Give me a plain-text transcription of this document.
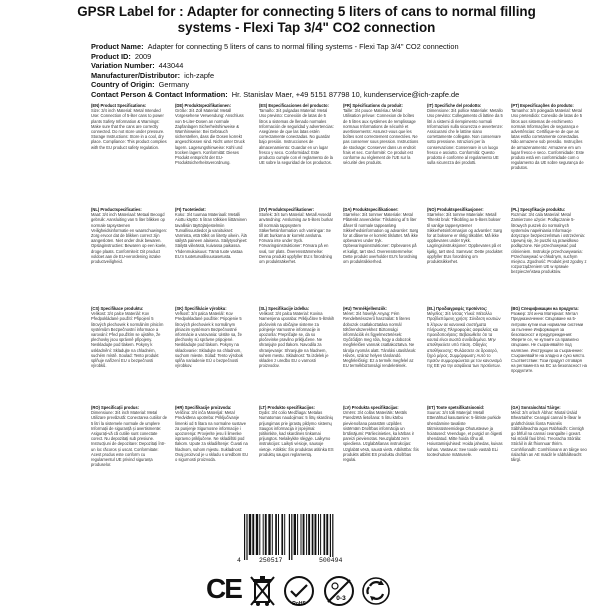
GPSR Label for : Adapter for connecting 5 liters of cans to normal filling systems - Flexi Tap 3/4" CO2 connection
Product Name: Adapter for connecting 5 liters of cans to normal filling systems - Flexi Tap 3/4" CO2 connection
Product ID: 2009
Variation Number: 443044
Manufacturer/Distributor: ich-zapfe
Country of Origin: Germany
Contact Person & Contact Information: Hr. Stanislav Maer, +49 5151 87798 10, kundenservice@ich-zapfe.de
(EN) Product Specifications:
Size: 3/4 inch Material: Metal Intended Use: Connection of 5-liter cans to power plants Safety Information & Warnings: Make sure that the cans are correctly connected. Do not store under pressure. Storage Instructions: Store in a cool, dry place. Compliance: This product complies with the EU product safety regulation.
(DE) Produktspezifikationen:
Größe: 3/4 Zoll Material: Metall Vorgesehene Verwendung: Anschluss von 5-Liter-Dosen an normale Zapfanlagen Sicherheitshinweise & Warnhinweise: Bei Gebrauch sicherstellen, dass die Dosen korrekt angeschlossen sind. Nicht unter Druck lagern. Lagerungshinweise: Kühl und trocken lagern. Konformität: Dieses Produkt entspricht der EU-Produktsicherheitsverordnung.
(ES) Especificaciones del producto:
Tamaño: 3/4 pulgadas Material: Metal Uso previsto: Conexión de latas de 5 litros a sistemas de llenado normales Información de seguridad y advertencias: Asegúrese de que las latas estén correctamente conectadas. No guardar bajo presión. Instrucciones de almacenamiento: Guardar en un lugar fresco y seco. Conformidad: Este producto cumple con el reglamento de la UE sobre la seguridad de los productos.
(FR) Spécifications du produit:
Taille: 3/4 pouce Matériau: Métal Utilisation prévue: Connexion de boîtes de 5 litres aux systèmes de remplissage normaux Informations de sécurité et avertissements: Assurez-vous que les boîtes sont correctement connectées. Ne pas conserver sous pression. Instructions de stockage: Conserver dans un endroit frais et sec. Conformité: Ce produit est conforme au règlement de l'UE sur la sécurité des produits.
(IT) Specifiche del prodotto:
Dimensione: 3/4 pollice Materiale: Metallo Uso previsto: Collegamento di lattine da 5 litri a sistemi di riempimento normali Informazioni sulla sicurezza e avvertenze: Assicurarsi che le lattine siano correttamente collegate. Non conservare sotto pressione. Istruzioni per la conservazione: Conservare in un luogo fresco e asciutto. Conformità: Questo prodotto è conforme al regolamento UE sulla sicurezza dei prodotti.
(PT) Especificações do produto:
Tamanho: 3/4 polegada Material: Metal Uso pretendido: Conexão de latas de 5 litros aos sistemas de enchimento normais Informações de segurança e advertências: Certifique-se de que as latas estão corretamente conectadas. Não armazene sob pressão. Instruções de armazenamento: Armazene em um lugar fresco e seco. Conformidade: Este produto está em conformidade com o regulamento da UE sobre segurança de produtos.
(NL) Productspecificaties:
Maat: 3/4 inch Materiaal: Metaal Beoogd gebruik: Aansluiting van 5 liter blikken op normale tapsystemen Veiligheidsinformatie en waarschuwingen: Zorg ervoor dat de blikken correct zijn aangesloten. Niet onder druk bewaren. Opslaginstructies: Bewaren op een koele, droge plaats. Conformiteit: Dit product voldoet aan de EU-verordening inzake productveiligheid.
(FI) Tuotetiedot:
Koko: 3/4 tuumaa Materiaali: Metalli Aiottu käyttö: 5 litran tölkkien liittäminen tavallisiin täyttöjärjestelmiin Turvallisuustiedot ja varoitukset: Varmista, että tölkit on liitetty oikein. Älä säilytä paineen alaisena. Säilytysohjeet: Säilytä viileässä, kuivassa paikassa. Yhdenmukaisuus: Tämä tuote vastaa EU:n tuoteturvallisuusasetusta.
(SV) Produktspecifikationer:
Storlek: 3/4 tum Material: Metall Avsedd användning: Anslutning av 5-liters burkar till normala tappsystem Säkerhetsinformation och varningar: Se till att burkarna är korrekt anslutna. Förvara inte under tryck. Förvaringsinstruktioner: Förvara på en sval, torr plats. Överensstämmelse: Denna produkt uppfyller EU:s förordning om produktsäkerhet.
(DA) Produktspecifikationer:
Størrelse: 3/4 tommer Materiale: Metal Påtænkt anvendelse: Tilslutning af 5 liter dåser til normale tappeanlæg Sikkerhedsinformation og advarsler: Sørg for at dåserne er korrekt tilsluttet. Må ikke opbevares under tryk. Opbevaringsinstruktioner: Opbevares på et køligt, tørt sted. Overensstemmelse: Dette produkt overholder EU's forordning om produktsikkerhed.
(NO) Produktspesifikasjoner:
Størrelse: 3/4 tomme Materiale: Metall Tiltenkt bruk: Tilkobling av 5-liters bokser til vanlige tappesystemer Sikkerhetsinformasjon og advarsler: Sørg for at boksene er riktig tilkoblet. Må ikke oppbevares under trykk. Lagringsinstruksjoner: Oppbevares på et kjølig, tørt sted. Samsvar: Dette produktet oppfyller EUs forordning om produktsikkerhet.
(PL) Specyfikacje produktu:
Rozmiar: 3/4 cala Materiał: Metal Zamierzone użycie: Podłączanie 5-litrowych puszek do normalnych systemów napełniania Informacje dotyczące bezpieczeństwa i ostrzeżenia: Upewnij się, że puszki są prawidłowo podłączone. Nie przechowywać pod ciśnieniem. Instrukcje przechowywania: Przechowywać w chłodnym, suchym miejscu. Zgodność: Produkt jest zgodny z rozporządzeniem UE w sprawie bezpieczeństwa produktów.
(CS) Specifikace produktu:
Velikost: 3/4 palce Materiál: Kov Předpokládané použití: Připojení 5 litrových plechovek k normálním plnicím systémům Bezpečnostní informace a varování: Před použitím se ujistěte, že plechovky jsou správně připojeny. Neskladujte pod tlakem. Pokyny k uskladnění: Skladujte na chladném, suchém místě. Soulad: Tento produkt splňuje nařízení EU o bezpečnosti výrobků.
(SK) Špecifikácie výrobku:
Veľkosť: 3/4 palca Materiál: Kov Predpokladané použitie: Pripojenie 5 litrových plechoviek k normálnym plniacim systémom Bezpečnostné informácie a varovania: Uistite sa, že plechovky sú správne pripojené. Neskladujte pod tlakom. Pokyny na skladovanie: Skladujte na chladnom, suchom mieste. Súlad: Tento výrobok spĺňa nariadenie EÚ o bezpečnosti výrobkov.
(SL) Specifikacije izdelka:
Velikost: 3/4 palca Material: Kovina Namenjena uporaba: Priključitev 5-litrskih pločevink na običajne sisteme za polnjenje Varnostne informacije in opozorila: Prepričajte se, da so pločevinke pravilno priključene. Ne shranjujte pod tlakom. Navodila za shranjevanje: Shranjujte na hladnem, suhem mestu. Skladnost: Ta izdelek je skladen z uredbo EU o varnosti proizvodov.
(HU) Termékjellemzők:
Méret: 3/4 hüvelyk Anyag: Fém Rendeltetésszerű használat: 5 literes dobozok csatlakoztatása normál töltőrendszerekhez Biztonsági információk és figyelmeztetések: Győződjön meg róla, hogy a dobozok megfelelően vannak csatlakoztatva. Ne tárolja nyomás alatt. Tárolási utasítások: Hűvös, száraz helyen tárolandó. Megfelelőség: Ez a termék megfelel az EU termékbiztonsági rendeletének.
(EL) Προδιαγραφές προϊόντος:
Μέγεθος: 3/4 ίντσας Υλικό: Μέταλλο Προβλεπόμενη χρήση: Σύνδεση κουτιών 5 λίτρων σε κανονικά συστήματα πλήρωσης Πληροφορίες ασφαλείας και προειδοποιήσεις: Βεβαιωθείτε ότι τα κουτιά είναι σωστά συνδεδεμένα. Μην αποθηκεύετε υπό πίεση. Οδηγίες αποθήκευσης: Φυλάσσετε σε δροσερό, ξηρό μέρος. Συμμόρφωση: Αυτό το προϊόν συμμορφώνεται με τον κανονισμό της ΕΕ για την ασφάλεια των προϊόντων.
(BG) Спецификации на продукта:
Размер: 3/4 инча Материал: Метал Предназначение: Свързване на 5-литрови кутии към нормални системи за пълнене Информация за безопасност и предупреждения: Уверете се, че кутиите са правилно свързани. Не съхранявайте под налягане. Инструкции за съхранение: Съхранявайте на хладно и сухо място. Съответствие: Този продукт отговаря на регламента на ЕС за безопасност на продуктите.
(RO) Specificații produs:
Dimensiune: 3/4 inch Material: Metal Utilizare prevăzută: Conectarea cutiilor de 5 litri la sistemele normale de umplere Informații de siguranță și avertismente: Asigurați-vă că cutiile sunt conectate corect. Nu depozitați sub presiune. Instrucțiuni de depozitare: Depozitați într-un loc răcoros și uscat. Conformitate: Acest produs este conform cu regulamentul UE privind siguranța produselor.
(HR) Specifikacije proizvoda:
Veličina: 3/4 inča Materijal: Metal Predviđena upotreba: Priključivanje limenki od 5 litara na normalne sustave za punjenje Sigurnosne informacije i upozorenja: Provjerite jesu li limenke ispravno priključene. Ne skladištiti pod tlakom. Upute za skladištenje: Čuvati na hladnom, suhom mjestu. Sukladnost: Ovaj proizvod je u skladu s uredbom EU o sigurnosti proizvoda.
(LT) Produkto specifikacijos:
Dydis: 3/4 colio Medžiaga: Metalas Numatomas naudojimas: 5 litrų skardinių prijungimas prie įprastų pildymo sistemų Saugos informacija ir įspėjimai: Įsitikinkite, kad skardinės tinkamai prijungtos. Nelaikykite slėgyje. Laikymo instrukcijos: Laikyti vėsioje, sausoje vietoje. Atitiktis: Šis produktas atitinka ES produktų saugos reglamentą.
(LV) Produkta specifikācijas:
Izmērs: 3/4 collas Materiāls: Metāls Paredzētā lietošana: 5 litru kārbu pievienošana parastām uzpildes sistēmām Drošības informācija un brīdinājumi: Pārliecinieties, ka kārbas ir pareizi pievienotas. Neuzglabāt zem spiediena. Uzglabāšanas instrukcijas: Uzglabāt vēsā, sausā vietā. Atbilstība: Šis produkts atbilst ES produktu drošības regulai.
(ET) Toote spetsifikatsioonid:
Suurus: 3/4 tolli Materjal: Metall Ettenähtud kasutamine: 5-liitriste purkide ühendamine tavaliste täitmissüsteemidega Ohutusteave ja hoiatused: Veenduge, et purgid on õigesti ühendatud. Mitte hoida rõhu all. Hoiustamisjuhised: Hoida jahedas, kuivas kohas. Vastavus: See toode vastab ELi tooteohutuse määrusele.
(GA) Sonraíochtaí Táirge:
Méid: 3/4 orlach Ábhar: Miotal Úsáid Bheartaithe: Ceangal cannaí 5-lítear le gnáthchórais líonta Faisnéis Sábháilteachta agus Rabhaidh: Cinntigh go bhfuil na cannaí ceangailte i gceart. Ná stóráil faoi bhrú. Treoracha Stórála: Stóráil in áit fhionnuar thirim. Comhlíonadh: Comhlíonann an táirge seo rialachán an AE maidir le sábháilteacht táirgí.
4	250517	500494
CE	RoHS
0-3
